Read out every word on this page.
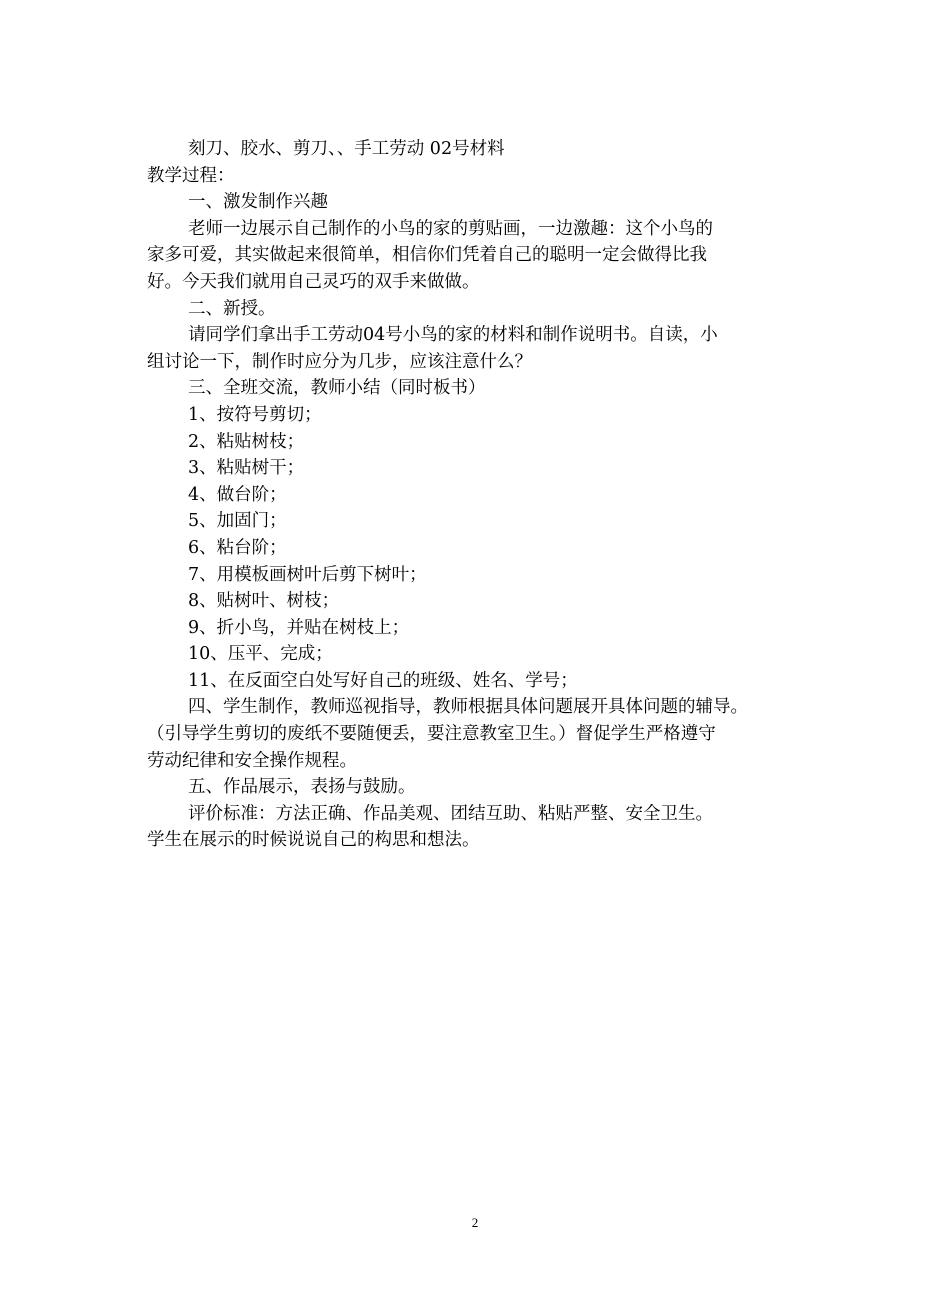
刻刀、胶水、剪刀、、手工劳动 02号材料
教学过程：
一、激发制作兴趣
老师一边展示自己制作的小鸟的家的剪贴画，一边激趣：这个小鸟的
家多可爱，其实做起来很简单，相信你们凭着自己的聪明一定会做得比我
好。今天我们就用自己灵巧的双手来做做。
二、新授。
请同学们拿出手工劳动04号小鸟的家的材料和制作说明书。自读，小
组讨论一下，制作时应分为几步，应该注意什么？
三、全班交流，教师小结（同时板书）
1、按符号剪切；
2、粘贴树枝；
3、粘贴树干；
4、做台阶；
5、加固门；
6、粘台阶；
7、用模板画树叶后剪下树叶；
8、贴树叶、树枝；
9、折小鸟，并贴在树枝上；
10、压平、完成；
11、在反面空白处写好自己的班级、姓名、学号；
四、学生制作，教师巡视指导，教师根据具体问题展开具体问题的辅导。
（引导学生剪切的废纸不要随便丢，要注意教室卫生。）督促学生严格遵守
劳动纪律和安全操作规程。
五、作品展示，表扬与鼓励。
评价标准：方法正确、作品美观、团结互助、粘贴严整、安全卫生。
学生在展示的时候说说自己的构思和想法。
2
